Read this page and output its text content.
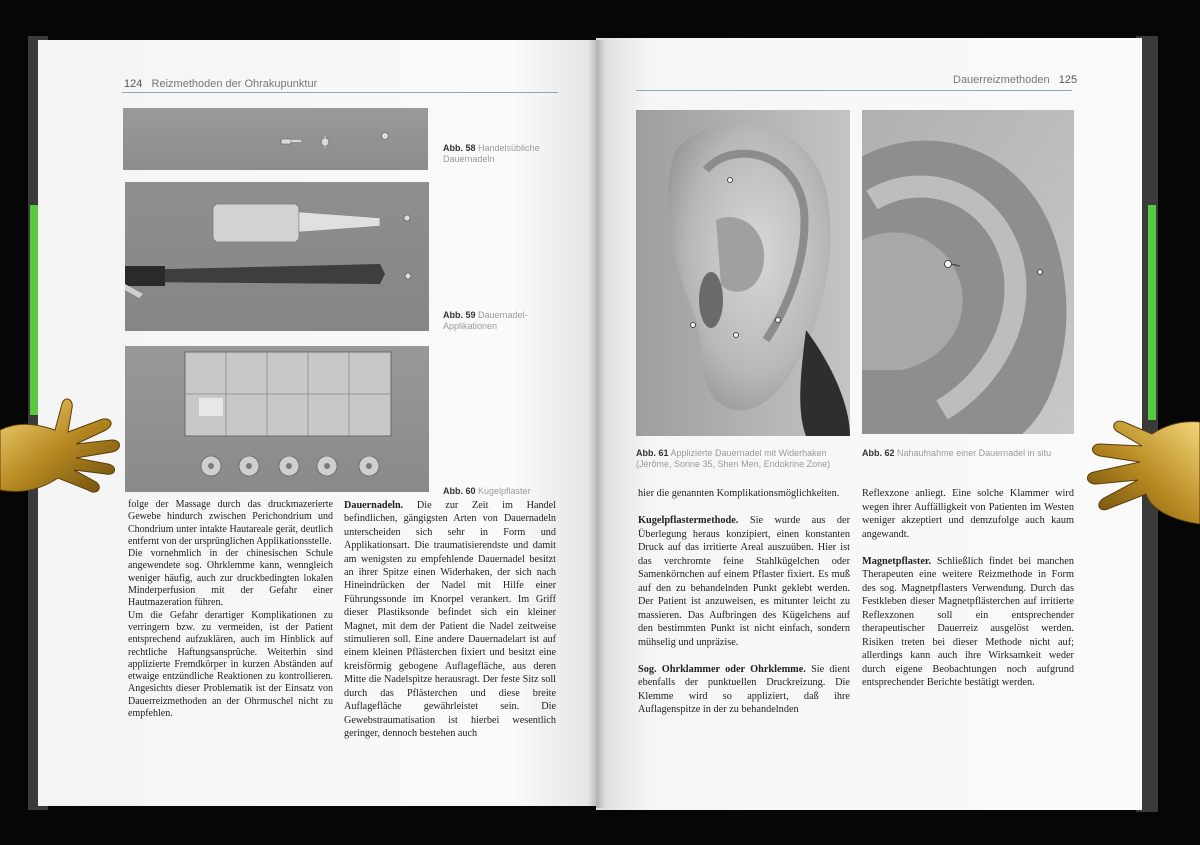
124 Reizmethoden der Ohrakupunktur
Abb. 58 Handelsübliche Dauernadeln
Abb. 59 Dauernadel-Applikationen
Abb. 60 Kugelpflaster

folge der Massage durch das druckmazerierte Gewebe hindurch zwischen Perichondrium und Chondrium unter intakte Hautareale gerät, deutlich entfernt von der ursprünglichen Applikationsstelle.

Die vornehmlich in der chinesischen Schule angewendete sog. Ohrklemme kann, wenngleich weniger häufig, auch zur druckbedingten lokalen Minderperfusion mit der Gefahr einer Hautmazeration führen.

Um die Gefahr derartiger Komplikationen zu verringern bzw. zu vermeiden, ist der Patient entsprechend aufzuklären, auch im Hinblick auf rechtliche Haftungsansprüche. Weiterhin sind applizierte Fremdkörper in kurzen Abständen auf etwaige entzündliche Reaktionen zu kontrollieren. Angesichts dieser Problematik ist der Einsatz von Dauerreizmethoden an der Ohrmuschel nicht zu empfehlen.

Dauernadeln. Die zur Zeit im Handel befindlichen, gängigsten Arten von Dauernadeln unterscheiden sich sehr in Form und Applikationsart. Die traumatisierendste und damit am wenigsten zu empfehlende Dauernadel besitzt an ihrer Spitze einen Widerhaken, der sich nach Hineindrücken der Nadel mit Hilfe einer Führungssonde im Knorpel verankert. Im Griff dieser Plastiksonde befindet sich ein kleiner Magnet, mit dem der Patient die Nadel zeitweise stimulieren soll. Eine andere Dauernadelart ist auf einem kleinen Pflästerchen fixiert und besitzt eine kreisförmig gebogene Auflagefläche, aus deren Mitte die Nadelspitze herausragt. Der feste Sitz soll durch das Pflästerchen und diese breite Auflagefläche gewährleistet sein. Die Gewebstraumatisation ist hierbei wesentlich geringer, dennoch bestehen auch

Dauerreizmethoden 125
Abb. 61 Applizierte Dauernadel mit Widerhaken (Jérôme, Sonne 35, Shen Men, Endokrine Zone)
Abb. 62 Nahaufnahme einer Dauernadel in situ

hier die genannten Komplikationsmöglichkeiten.

Kugelpflastermethode. Sie wurde aus der Überlegung heraus konzipiert, einen konstanten Druck auf das irritierte Areal auszuüben. Hier ist das verchromte feine Stahlkügelchen oder Samenkörnchen auf einem Pflaster fixiert. Es muß auf den zu behandelnden Punkt geklebt werden. Der Patient ist anzuweisen, es mitunter leicht zu massieren. Das Aufbringen des Kügelchens auf den bestimmten Punkt ist nicht einfach, sondern mühselig und unpräzise.

Sog. Ohrklammer oder Ohrklemme. Sie dient ebenfalls der punktuellen Druckreizung. Die Klemme wird so appliziert, daß ihre Auflagenspitze in der zu behandelnden

Reflexzone anliegt. Eine solche Klammer wird wegen ihrer Auffälligkeit von Patienten im Westen weniger akzeptiert und demzufolge auch kaum angewandt.

Magnetpflaster. Schließlich findet bei manchen Therapeuten eine weitere Reizmethode in Form des sog. Magnetpflasters Verwendung. Durch das Festkleben dieser Magnetpflästerchen auf irritierte Reflexzonen soll ein entsprechender therapeutischer Dauerreiz ausgelöst werden. Risiken treten bei dieser Methode nicht auf; allerdings kann auch ihre Wirksamkeit weder durch eigene Beobachtungen noch aufgrund entsprechender Berichte bestätigt werden.
